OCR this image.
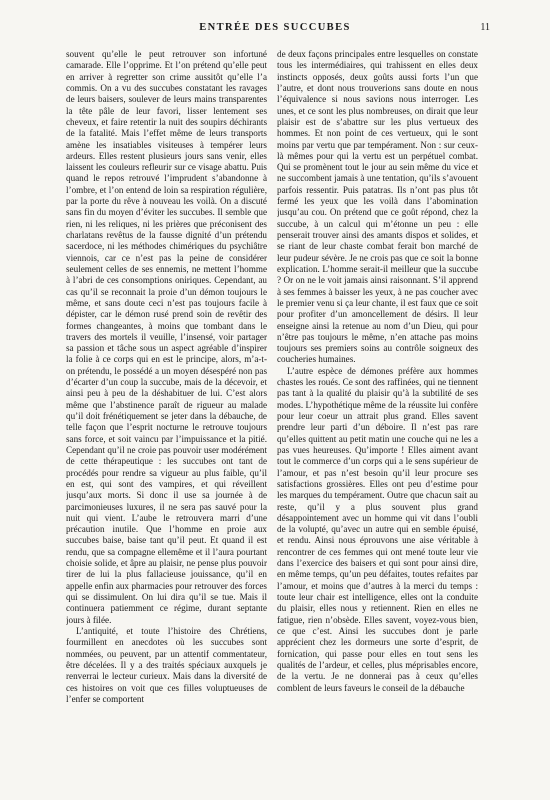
ENTRÉE DES SUCCUBES	11

souvent qu’elle le peut retrouver son infortuné camarade. Elle l’opprime. Et l’on prétend qu’elle peut en arriver à regretter son crime aussitôt qu’elle l’a commis. On a vu des succubes constatant les ravages de leurs baisers, soulever de leurs mains transparentes la tête pâle de leur favori, lisser lentement ses cheveux, et faire retentir la nuit des soupirs déchirants de la fatalité. Mais l’effet même de leurs transports amène les insatiables visiteuses à tempérer leurs ardeurs. Elles restent plusieurs jours sans venir, elles laissent les couleurs refleurir sur ce visage abattu. Puis quand le repos retrouvé l’imprudent s’abandonne à l’ombre, et l’on entend de loin sa respiration régulière, par la porte du rêve à nouveau les voilà. On a discuté sans fin du moyen d’éviter les succubes. Il semble que rien, ni les reliques, ni les prières que préconisent des charlatans revêtus de la fausse dignité d’un prétendu sacerdoce, ni les méthodes chimériques du psychiâtre viennois, car ce n’est pas la peine de considérer seulement celles de ses ennemis, ne mettent l’homme à l’abri de ces consomptions oniriques. Cependant, au cas qu’il se reconnait la proie d’un démon toujours le même, et sans doute ceci n’est pas toujours facile à dépister, car le démon rusé prend soin de revêtir des formes changeantes, à moins que tombant dans le travers des mortels il veuille, l’insensé, voir partager sa passion et tâche sous un aspect agréable d’inspirer la folie à ce corps qui en est le principe, alors, m’a-t-on prétendu, le possédé a un moyen désespéré non pas d’écarter d’un coup la succube, mais de la décevoir, et ainsi peu à peu de la déshabituer de lui. C’est alors même que l’abstinence paraît de rigueur au malade qu’il doit frénétiquement se jeter dans la débauche, de telle façon que l’esprit nocturne le retrouve toujours sans force, et soit vaincu par l’impuissance et la pitié. Cependant qu’il ne croie pas pouvoir user modérément de cette thérapeutique : les succubes ont tant de procédés pour rendre sa vigueur au plus faible, qu’il en est, qui sont des vampires, et qui réveillent jusqu’aux morts. Si donc il use sa journée à de parcimonieuses luxures, il ne sera pas sauvé pour la nuit qui vient. L’aube le retrouvera marri d’une précaution inutile. Que l’homme en proie aux succubes baise, baise tant qu’il peut. Et quand il est rendu, que sa compagne ellemême et il l’aura pourtant choisie solide, et âpre au plaisir, ne pense plus pouvoir tirer de lui la plus fallacieuse jouissance, qu’il en appelle enfin aux pharmacies pour retrouver des forces qui se dissimulent. On lui dira qu’il se tue. Mais il continuera patiemment ce régime, durant septante jours à filée.

L’antiquité, et toute l’histoire des Chrétiens, fourmillent en anecdotes où les succubes sont nommées, ou peuvent, par un attentif commentateur, être décelées. Il y a des traités spéciaux auxquels je renverrai le lecteur curieux. Mais dans la diversité de ces histoires on voit que ces filles voluptueuses de l’enfer se comportent

de deux façons principales entre lesquelles on constate tous les intermédiaires, qui trahissent en elles deux instincts opposés, deux goûts aussi forts l’un que l’autre, et dont nous trouverions sans doute en nous l’équivalence si nous savions nous interroger. Les unes, et ce sont les plus nombreuses, on dirait que leur plaisir est de s’abattre sur les plus vertueux des hommes. Et non point de ces vertueux, qui le sont moins par vertu que par tempérament. Non : sur ceux-là mêmes pour qui la vertu est un perpétuel combat. Qui se promènent tout le jour au sein même du vice et ne succombent jamais à une tentation, qu’ils s’avouent parfois ressentir. Puis patatras. Ils n’ont pas plus tôt fermé les yeux que les voilà dans l’abomination jusqu’au cou. On prétend que ce goût répond, chez la succube, à un calcul qui m’étonne un peu : elle penserait trouver ainsi des amants dispos et solides, et se riant de leur chaste combat ferait bon marché de leur pudeur sévère. Je ne crois pas que ce soit la bonne explication. L’homme serait-il meilleur que la succube ? Or on ne le voit jamais ainsi raisonnant. S’il apprend à ses femmes à baisser les yeux, à ne pas coucher avec le premier venu si ça leur chante, il est faux que ce soit pour profiter d’un amoncellement de désirs. Il leur enseigne ainsi la retenue au nom d’un Dieu, qui pour n’être pas toujours le même, n’en attache pas moins toujours ses premiers soins au contrôle soigneux des coucheries humaines.

L’autre espèce de démones préfère aux hommes chastes les roués. Ce sont des raffinées, qui ne tiennent pas tant à la qualité du plaisir qu’à la subtilité de ses modes. L’hypothétique même de la réussite lui confère pour leur coeur un attrait plus grand. Elles savent prendre leur parti d’un déboire. Il n’est pas rare qu’elles quittent au petit matin une couche qui ne les a pas vues heureuses. Qu’importe ! Elles aiment avant tout le commerce d’un corps qui a le sens supérieur de l’amour, et pas n’est besoin qu’il leur procure ses satisfactions grossières. Elles ont peu d’estime pour les marques du tempérament. Outre que chacun sait au reste, qu’il y a plus souvent plus grand désappointement avec un homme qui vit dans l’oubli de la volupté, qu’avec un autre qui en semble épuisé, et rendu. Ainsi nous éprouvons une aise véritable à rencontrer de ces femmes qui ont mené toute leur vie dans l’exercice des baisers et qui sont pour ainsi dire, en même temps, qu’un peu défaites, toutes refaites par l’amour, et moins que d’autres à la merci du temps : toute leur chair est intelligence, elles ont la conduite du plaisir, elles nous y retiennent. Rien en elles ne fatigue, rien n’obsède. Elles savent, voyez-vous bien, ce que c’est. Ainsi les succubes dont je parle apprécient chez les dormeurs une sorte d’esprit, de fornication, qui passe pour elles en tout sens les qualités de l’ardeur, et celles, plus méprisables encore, de la vertu. Je ne donnerai pas à ceux qu’elles comblent de leurs faveurs le conseil de la débauche
